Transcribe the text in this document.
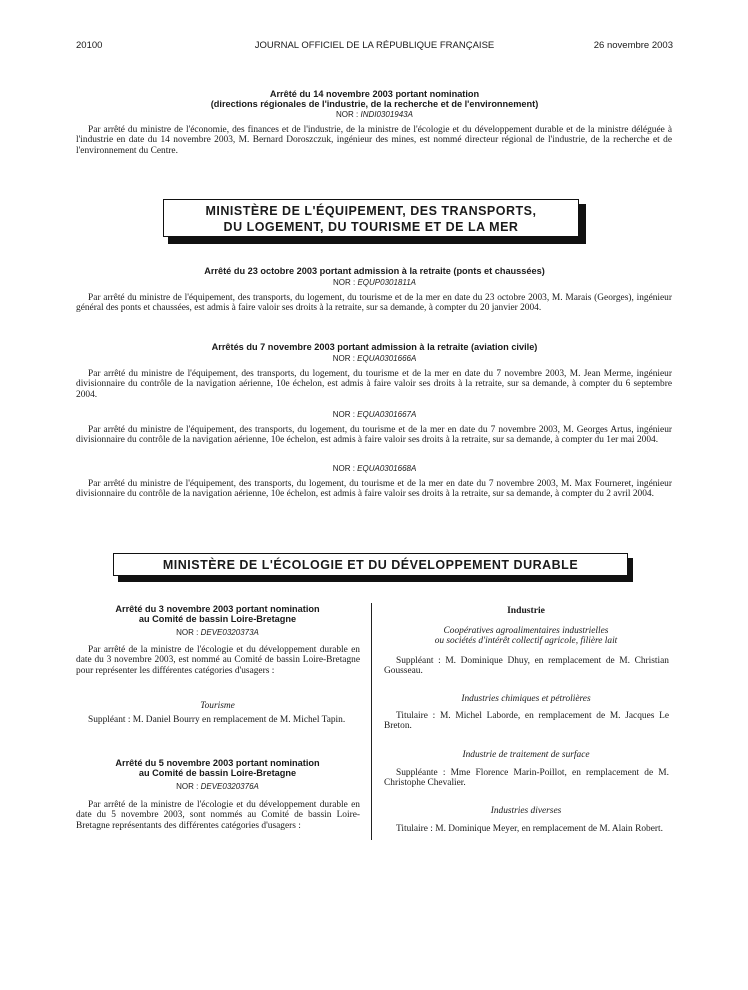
20100	JOURNAL OFFICIEL DE LA RÉPUBLIQUE FRANÇAISE	26 novembre 2003
Arrêté du 14 novembre 2003 portant nomination
(directions régionales de l'industrie, de la recherche et de l'environnement)
NOR : INDI0301943A

Par arrêté du ministre de l'économie, des finances et de l'industrie, de la ministre de l'écologie et du développement durable et de la ministre déléguée à l'industrie en date du 14 novembre 2003, M. Bernard Doroszczuk, ingénieur des mines, est nommé directeur régional de l'industrie, de la recherche et de l'environnement du Centre.

MINISTÈRE DE L'ÉQUIPEMENT, DES TRANSPORTS,
DU LOGEMENT, DU TOURISME ET DE LA MER
Arrêté du 23 octobre 2003 portant admission à la retraite (ponts et chaussées)
NOR : EQUP0301811A

Par arrêté du ministre de l'équipement, des transports, du logement, du tourisme et de la mer en date du 23 octobre 2003, M. Marais (Georges), ingénieur général des ponts et chaussées, est admis à faire valoir ses droits à la retraite, sur sa demande, à compter du 20 janvier 2004.

Arrêtés du 7 novembre 2003 portant admission à la retraite (aviation civile)
NOR : EQUA0301666A

Par arrêté du ministre de l'équipement, des transports, du logement, du tourisme et de la mer en date du 7 novembre 2003, M. Jean Merme, ingénieur divisionnaire du contrôle de la navigation aérienne, 10e échelon, est admis à faire valoir ses droits à la retraite, sur sa demande, à compter du 6 septembre 2004.

NOR : EQUA0301667A

Par arrêté du ministre de l'équipement, des transports, du logement, du tourisme et de la mer en date du 7 novembre 2003, M. Georges Artus, ingénieur divisionnaire du contrôle de la navigation aérienne, 10e échelon, est admis à faire valoir ses droits à la retraite, sur sa demande, à compter du 1er mai 2004.

NOR : EQUA0301668A

Par arrêté du ministre de l'équipement, des transports, du logement, du tourisme et de la mer en date du 7 novembre 2003, M. Max Fourneret, ingénieur divisionnaire du contrôle de la navigation aérienne, 10e échelon, est admis à faire valoir ses droits à la retraite, sur sa demande, à compter du 2 avril 2004.

MINISTÈRE DE L'ÉCOLOGIE ET DU DÉVELOPPEMENT DURABLE
Arrêté du 3 novembre 2003 portant nomination
au Comité de bassin Loire-Bretagne
NOR : DEVE0320373A

Par arrêté de la ministre de l'écologie et du développement durable en date du 3 novembre 2003, est nommé au Comité de bassin Loire-Bretagne pour représenter les différentes catégories d'usagers :

Tourisme

Suppléant : M. Daniel Bourry en remplacement de M. Michel Tapin.

Arrêté du 5 novembre 2003 portant nomination
au Comité de bassin Loire-Bretagne
NOR : DEVE0320376A

Par arrêté de la ministre de l'écologie et du développement durable en date du 5 novembre 2003, sont nommés au Comité de bassin Loire-Bretagne représentants des différentes catégories d'usagers :

Industrie
Coopératives agroalimentaires industrielles
ou sociétés d'intérêt collectif agricole, filière lait

Suppléant : M. Dominique Dhuy, en remplacement de M. Christian Gousseau.

Industries chimiques et pétrolières

Titulaire : M. Michel Laborde, en remplacement de M. Jacques Le Breton.

Industrie de traitement de surface

Suppléante : Mme Florence Marin-Poillot, en remplacement de M. Christophe Chevalier.

Industries diverses

Titulaire : M. Dominique Meyer, en remplacement de M. Alain Robert.
